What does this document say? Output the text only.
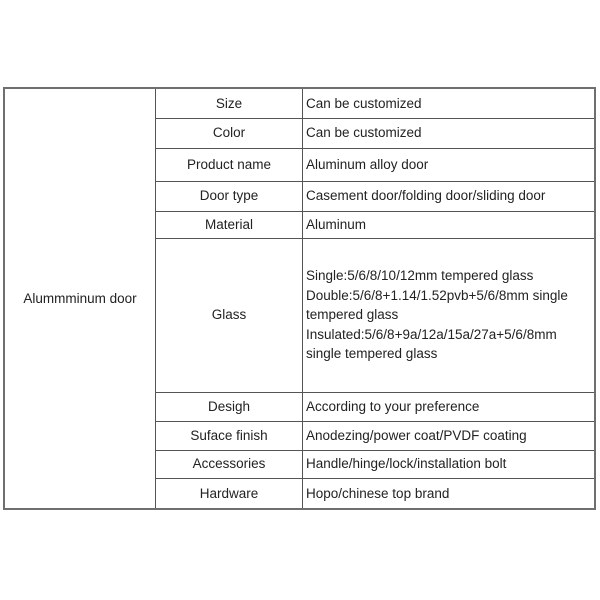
Alummminum door	Size	Can be customized
	Color	Can be customized
	Product name	Aluminum alloy door
	Door type	Casement door/folding door/sliding door
	Material	Aluminum
	Glass	Single:5/6/8/10/12mm tempered glass
Double:5/6/8+1.14/1.52pvb+5/6/8mm single
tempered glass
Insulated:5/6/8+9a/12a/15a/27a+5/6/8mm
single tempered glass

	Desigh	According to your preference
	Suface finish	Anodezing/power coat/PVDF coating
	Accessories	Handle/hinge/lock/installation bolt
	Hardware	Hopo/chinese top brand
